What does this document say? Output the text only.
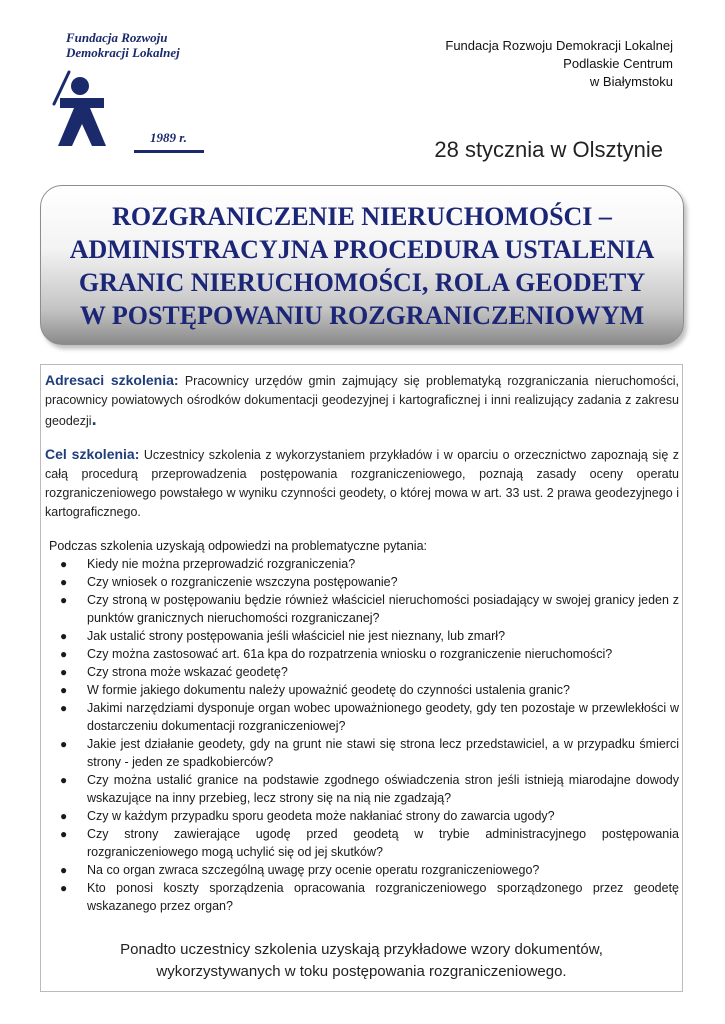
Fundacja Rozwoju
Demokracji Lokalnej
1989 r.
Fundacja Rozwoju Demokracji Lokalnej
Podlaskie Centrum
w Białymstoku
28 stycznia w Olsztynie
ROZGRANICZENIE NIERUCHOMOŚCI –
ADMINISTRACYJNA PROCEDURA USTALENIA
GRANIC NIERUCHOMOŚCI, ROLA GEODETY
W POSTĘPOWANIU ROZGRANICZENIOWYM
Adresaci szkolenia: Pracownicy urzędów gmin zajmujący się problematyką rozgraniczania nieruchomości, pracownicy powiatowych ośrodków dokumentacji geodezyjnej i kartograficznej i inni realizujący zadania z zakresu geodezji.
Cel szkolenia: Uczestnicy szkolenia z wykorzystaniem przykładów i w oparciu o orzecznictwo zapoznają się z całą procedurą przeprowadzenia postępowania rozgraniczeniowego, poznają zasady oceny operatu rozgraniczeniowego powstałego w wyniku czynności geodety, o której mowa w art. 33 ust. 2 prawa geodezyjnego i kartograficznego.
Podczas szkolenia uzyskają odpowiedzi na problematyczne pytania:
● Kiedy nie można przeprowadzić rozgraniczenia?
● Czy wniosek o rozgraniczenie wszczyna postępowanie?
● Czy stroną w postępowaniu będzie również właściciel nieruchomości posiadający w swojej granicy jeden z punktów granicznych nieruchomości rozgraniczanej?
● Jak ustalić strony postępowania jeśli właściciel nie jest nieznany, lub zmarł?
● Czy można zastosować art. 61a kpa do rozpatrzenia wniosku o rozgraniczenie nieruchomości?
● Czy strona może wskazać geodetę?
● W formie jakiego dokumentu należy upoważnić geodetę do czynności ustalenia granic?
● Jakimi narzędziami dysponuje organ wobec upoważnionego geodety, gdy ten pozostaje w przewlekłości w dostarczeniu dokumentacji rozgraniczeniowej?
● Jakie jest działanie geodety, gdy na grunt nie stawi się strona lecz przedstawiciel, a w przypadku śmierci strony - jeden ze spadkobierców?
● Czy można ustalić granice na podstawie zgodnego oświadczenia stron jeśli istnieją miarodajne dowody wskazujące na inny przebieg, lecz strony się na nią nie zgadzają?
● Czy w każdym przypadku sporu geodeta może nakłaniać strony do zawarcia ugody?
● Czy strony zawierające ugodę przed geodetą w trybie administracyjnego postępowania rozgraniczeniowego mogą uchylić się od jej skutków?
● Na co organ zwraca szczególną uwagę przy ocenie operatu rozgraniczeniowego?
● Kto ponosi koszty sporządzenia opracowania rozgraniczeniowego sporządzonego przez geodetę wskazanego przez organ?
Ponadto uczestnicy szkolenia uzyskają przykładowe wzory dokumentów,
wykorzystywanych w toku postępowania rozgraniczeniowego.
